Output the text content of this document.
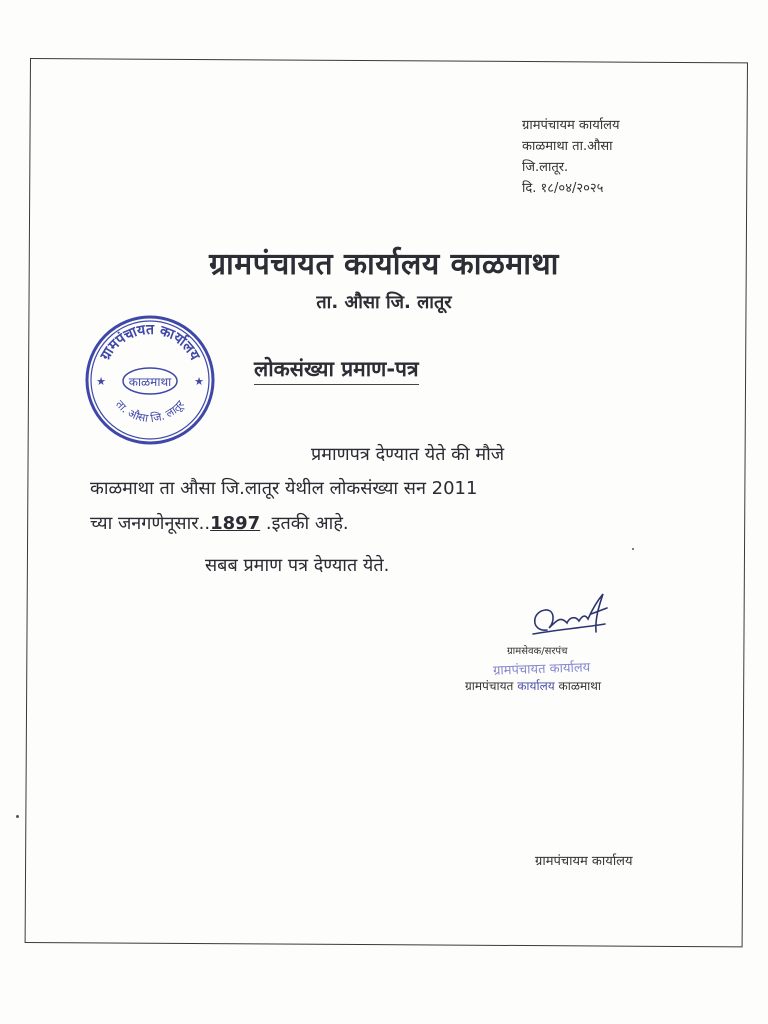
ग्रामपंचायम कार्यालय
काळमाथा ता.औसा
जि.लातूर.
दि. १८/०४/२०२५
ग्रामपंचायत कार्यालय काळमाथा
ता. औसा जि. लातूर
ग्रामपंचायत कार्यालय
काळमाथा
ता. औसा जि. लातूर
★	★
लोकसंख्या प्रमाण-पत्र
प्रमाणपत्र देण्यात येते की मौजे
काळमाथा ता औसा जि.लातूर येथील लोकसंख्या सन 2011
च्या जनगणेनूसार..1897 .इतकी आहे.
सबब प्रमाण पत्र देण्यात येते.
ग्रामसेवक/सरपंच
ग्रामपंचायत कार्यालय
ग्रामपंचायत कार्यालय काळमाथा
ग्रामपंचायम कार्यालय
